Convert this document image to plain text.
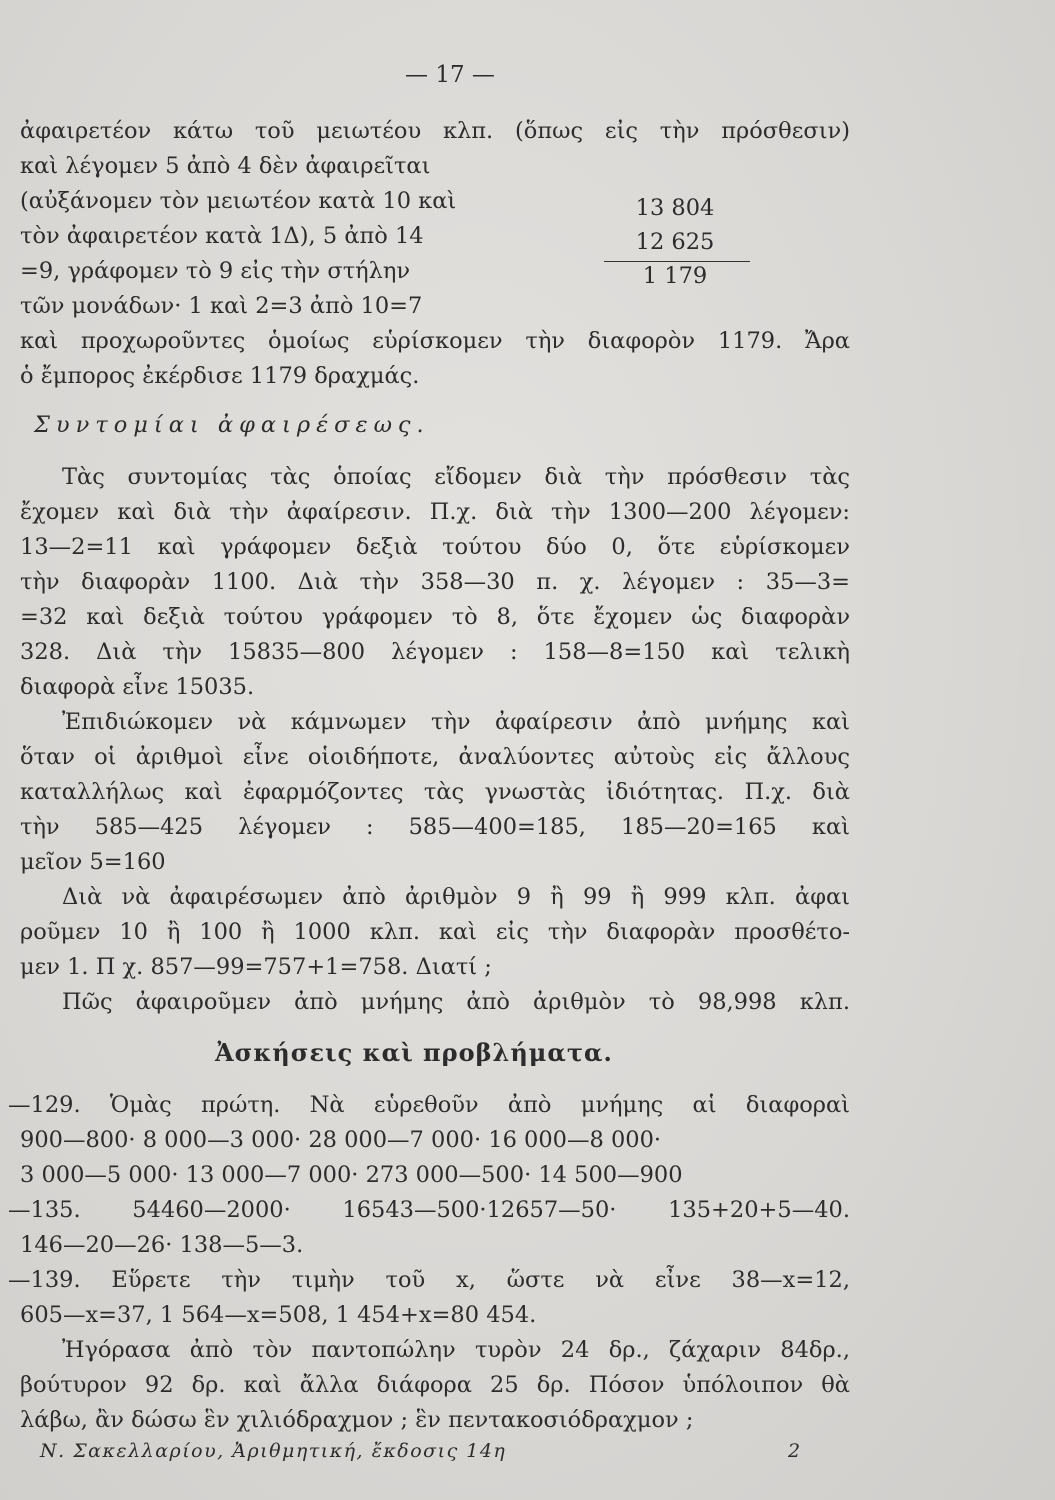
— 17 —
13 804
12 625
1 179
ἀφαιρετέον κάτω τοῦ μειωτέου κλπ. (ὅπως εἰς τὴν πρόσθεσιν)
καὶ λέγομεν 5 ἀπὸ 4 δὲν ἀφαιρεῖται
(αὐξάνομεν τὸν μειωτέον κατὰ 10 καὶ
τὸν ἀφαιρετέον κατὰ 1Δ), 5 ἀπὸ 14
=9, γράφομεν τὸ 9 εἰς τὴν στήλην
τῶν μονάδων· 1 καὶ 2=3 ἀπὸ 10=7
καὶ προχωροῦντες ὁμοίως εὑρίσκομεν τὴν διαφορὸν 1179. Ἄρα
ὁ ἔμπορος ἐκέρδισε 1179 δραχμάς.
Συντομίαι ἀφαιρέσεως.
Τὰς συντομίας τὰς ὁποίας εἴδομεν διὰ τὴν πρόσθεσιν τὰς
ἔχομεν καὶ διὰ τὴν ἀφαίρεσιν. Π.χ. διὰ τὴν 1300—200 λέγομεν:
13—2=11 καὶ γράφομεν δεξιὰ τούτου δύο 0, ὅτε εὑρίσκομεν
τὴν διαφορὰν 1100. Διὰ τὴν 358—30 π. χ. λέγομεν : 35—3=
=32 καὶ δεξιὰ τούτου γράφομεν τὸ 8, ὅτε ἔχομεν ὡς διαφορὰν
328. Διὰ τὴν 15835—800 λέγομεν : 158—8=150 καὶ τελικὴ
διαφορὰ εἶνε 15035.
Ἐπιδιώκομεν νὰ κάμνωμεν τὴν ἀφαίρεσιν ἀπὸ μνήμης καὶ
ὅταν οἱ ἀριθμοὶ εἶνε οἱοιδήποτε, ἀναλύοντες αὐτοὺς εἰς ἄλλους
καταλλήλως καὶ ἐφαρμόζοντες τὰς γνωστὰς ἰδιότητας. Π.χ. διὰ
τὴν 585—425 λέγομεν : 585—400=185, 185—20=165 καὶ
μεῖον 5=160
Διὰ νὰ ἀφαιρέσωμεν ἀπὸ ἀριθμὸν 9 ἢ 99 ἢ 999 κλπ. ἀφαι
ροῦμεν 10 ἢ 100 ἢ 1000 κλπ. καὶ εἰς τὴν διαφορὰν προσθέτο-
μεν 1. Π χ. 857—99=757+1=758. Διατί ;
Πῶς ἀφαιροῦμεν ἀπὸ μνήμης ἀπὸ ἀριθμὸν τὸ 98,998 κλπ.
Ἀσκήσεις καὶ προβλήματα.
—129. Ὁμὰς πρώτη. Νὰ εὑρεθοῦν ἀπὸ μνήμης αἱ διαφοραὶ
900—800· 8 000—3 000· 28 000—7 000· 16 000—8 000·
3 000—5 000· 13 000—7 000· 273 000—500· 14 500—900
—135. 54460—2000· 16543—500·12657—50· 135+20+5—40.
146—20—26· 138—5—3.
—139. Εὕρετε τὴν τιμὴν τοῦ x, ὥστε νὰ εἶνε 38—x=12,
605—x=37, 1 564—x=508, 1 454+x=80 454.
Ἠγόρασα ἀπὸ τὸν παντοπώλην τυρὸν 24 δρ., ζάχαριν 84δρ.,
βούτυρον 92 δρ. καὶ ἄλλα διάφορα 25 δρ. Πόσον ὑπόλοιπον θὰ
λάβω, ἂν δώσω ἓν χιλιόδραχμον ; ἓν πεντακοσιόδραχμον ;
Ν. Σακελλαρίου, Ἀριθμητική, ἔκδοσις 14η	2
